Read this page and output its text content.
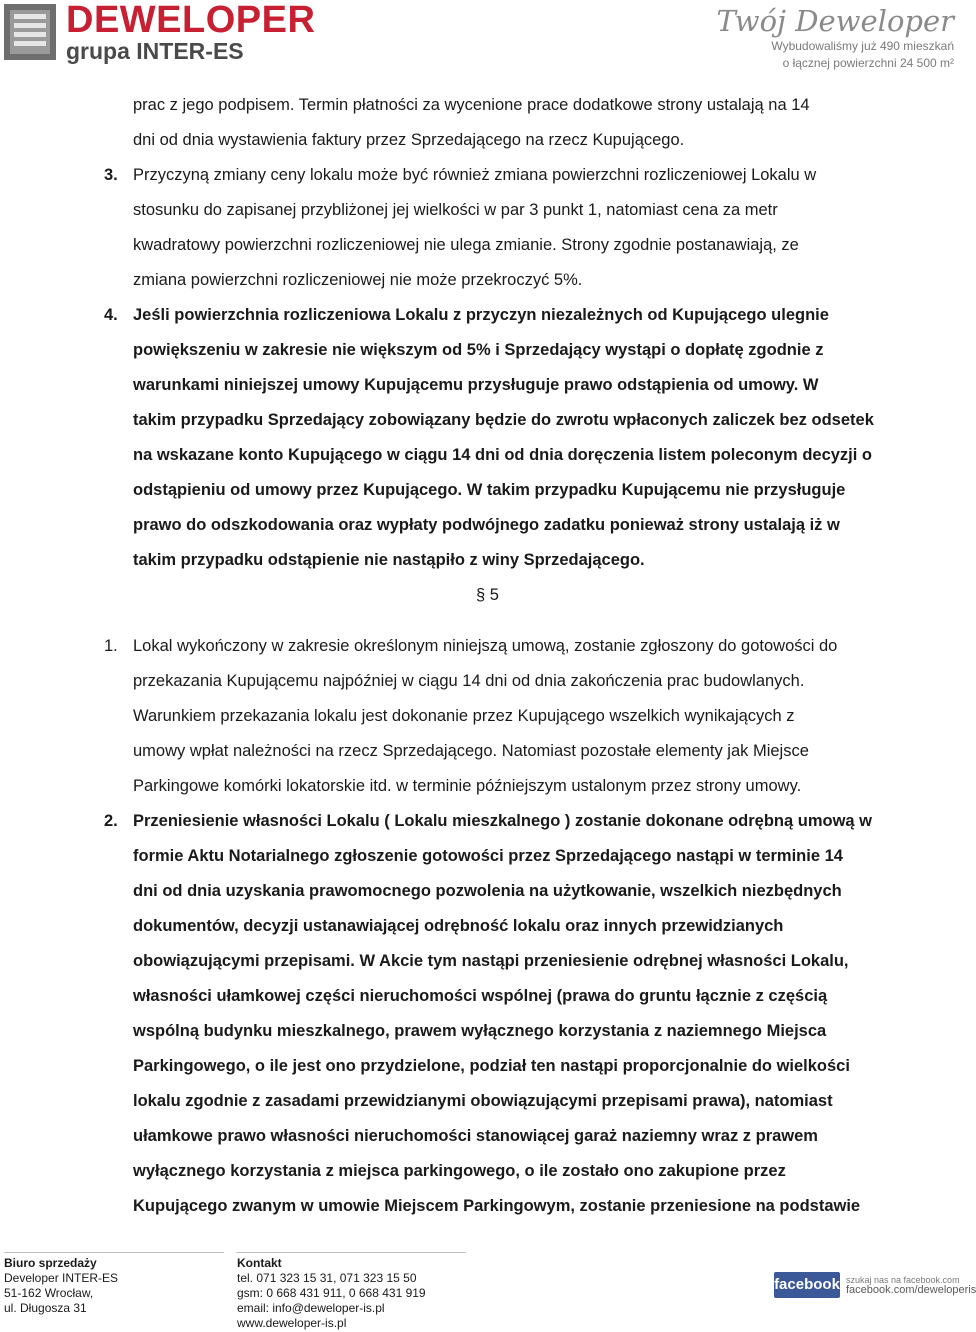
DEWELOPER
grupa INTER-ES
Twój Deweloper
Wybudowaliśmy już 490 mieszkań
o łącznej powierzchni 24 500 m²
prac z jego podpisem. Termin płatności za wycenione prace dodatkowe strony ustalają na 14
dni od dnia wystawienia faktury przez Sprzedającego na rzecz Kupującego.
3. Przyczyną zmiany ceny lokalu może być również zmiana powierzchni rozliczeniowej Lokalu w
stosunku do zapisanej przybliżonej jej wielkości w par 3 punkt 1, natomiast cena za metr
kwadratowy powierzchni rozliczeniowej nie ulega zmianie. Strony zgodnie postanawiają, ze
zmiana powierzchni rozliczeniowej nie może przekroczyć 5%.
4. Jeśli powierzchnia rozliczeniowa Lokalu z przyczyn niezależnych od Kupującego ulegnie
powiększeniu w zakresie nie większym od 5% i Sprzedający wystąpi o dopłatę zgodnie z
warunkami niniejszej umowy Kupującemu przysługuje prawo odstąpienia od umowy. W
takim przypadku Sprzedający zobowiązany będzie do zwrotu wpłaconych zaliczek bez odsetek
na wskazane konto Kupującego w ciągu 14 dni od dnia doręczenia listem poleconym decyzji o
odstąpieniu od umowy przez Kupującego. W takim przypadku Kupującemu nie przysługuje
prawo do odszkodowania oraz wypłaty podwójnego zadatku ponieważ strony ustalają iż w
takim przypadku odstąpienie nie nastąpiło z winy Sprzedającego.
§ 5
1. Lokal wykończony w zakresie określonym niniejszą umową, zostanie zgłoszony do gotowości do
przekazania Kupującemu najpóźniej w ciągu 14 dni od dnia zakończenia prac budowlanych.
Warunkiem przekazania lokalu jest dokonanie przez Kupującego wszelkich wynikających z
umowy wpłat należności na rzecz Sprzedającego. Natomiast pozostałe elementy jak Miejsce
Parkingowe komórki lokatorskie itd. w terminie późniejszym ustalonym przez strony umowy.
2. Przeniesienie własności Lokalu ( Lokalu mieszkalnego ) zostanie dokonane odrębną umową w
formie Aktu Notarialnego zgłoszenie gotowości przez Sprzedającego nastąpi w terminie 14
dni od dnia uzyskania prawomocnego pozwolenia na użytkowanie, wszelkich niezbędnych
dokumentów, decyzji ustanawiającej odrębność lokalu oraz innych przewidzianych
obowiązującymi przepisami. W Akcie tym nastąpi przeniesienie odrębnej własności Lokalu,
własności ułamkowej części nieruchomości wspólnej (prawa do gruntu łącznie z częścią
wspólną budynku mieszkalnego, prawem wyłącznego korzystania z naziemnego Miejsca
Parkingowego, o ile jest ono przydzielone, podział ten nastąpi proporcjonalnie do wielkości
lokalu zgodnie z zasadami przewidzianymi obowiązującymi przepisami prawa), natomiast
ułamkowe prawo własności nieruchomości stanowiącej garaż naziemny wraz z prawem
wyłącznego korzystania z miejsca parkingowego, o ile zostało ono zakupione przez
Kupującego zwanym w umowie Miejscem Parkingowym, zostanie przeniesione na podstawie
Biuro sprzedaży
Developer INTER-ES
51-162 Wrocław,
ul. Długosza 31
Kontakt
tel. 071 323 15 31, 071 323 15 50
gsm: 0 668 431 911, 0 668 431 919
email: info@deweloper-is.pl
www.deweloper-is.pl
facebook szukaj nas na facebook.com
facebook.com/deweloperis
